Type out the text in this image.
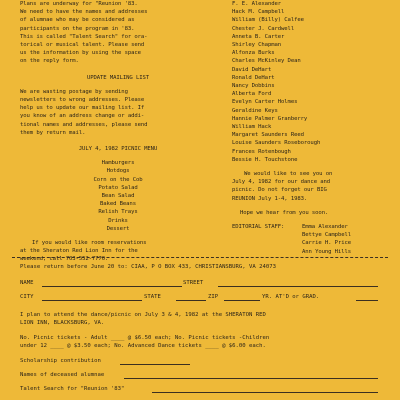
Plans are underway for "Reunion '83.

We need to have the names and addresses

of alumnae who may be considered as

participants on the program in '83.

This is called "Talent Search" for ora-

torical or musical talent. Please send

us the information by using the space

on the reply form.

UPDATE MAILING LIST

We are wasting postage by sending

newsletters to wrong addresses. Please

help us to update our mailing list. If

you know of an address change or addi-

tional names and addresses, please send

them by return mail.

JULY 4, 1982 PICNIC MENU

Hamburgers

Hotdogs

Corn on the Cob

Potato Salad

Bean Salad

Baked Beans

Relish Trays

Drinks

Dessert

If you would like room reservations

at the Sheraton Red Lion Inn for the

weekend, call 703-552-7770.

F. E. Alexander

Hack M. Campbell

William (Billy) Calfee

Chester J. Cardwell

Anneta B. Carter

Shirley Chapman

Alfonza Burks

Charles McKinley Dean

David DeHart

Ronald DeHart

Nancy Dobbins

Alberta Ford

Evelyn Carter Holmes

Geraldine Keys

Hannie Palmer Granberry

William Hack

Margaret Saunders Reed

Louise Saunders Roseborough

Frances Rotenbough

Bessie H. Touchstone

We would like to see you on

July 4, 1982 for our dance and

picnic. Do not forget our BIG

REUNION July 1-4, 1983.

Hope we hear from you soon.

EDITORIAL STAFF:	Emma Alexander

Bettye Campbell

Carrie H. Price

Ann Young Hills

Please return before June 20 to: CIAA, P O BOX 433, CHRISTIANSBURG, VA 24073
NAME	STREET
CITY	STATE	ZIP	YR. AT'D or GRAD.

I plan to attend the dance/picnic on July 3 & 4, 1982 at the SHERATON RED

LION INN, BLACKSBURG, VA.

No. Picnic tickets - Adult ____ @ $6.50 each; No. Picnic tickets -Children

under 12 ____ @ $3.50 each; No. Advanced Dance tickets ____ @ $6.00 each.

Scholarship contribution
Names of deceased alumnae
Talent Search for "Reunion '83"
